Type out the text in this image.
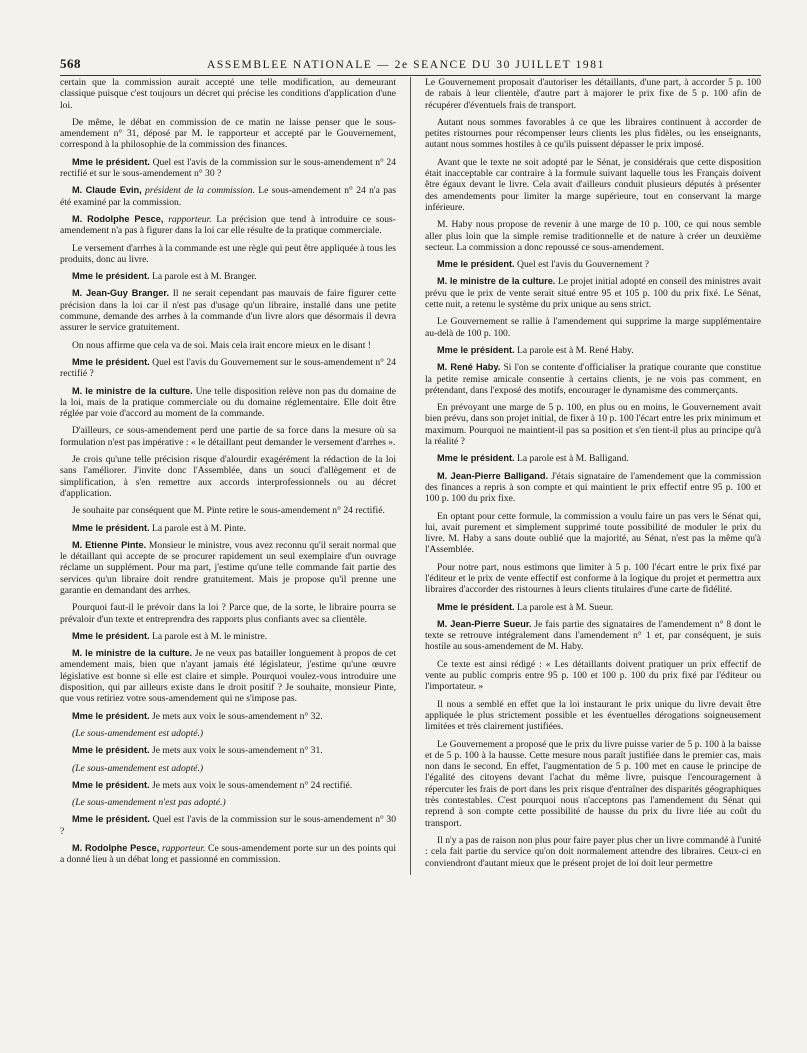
568	ASSEMBLEE NATIONALE — 2e SEANCE DU 30 JUILLET 1981

certain que la commission aurait accepté une telle modification, au demeurant classique puisque c'est toujours un décret qui précise les conditions d'application d'une loi.

De même, le débat en commission de ce matin ne laisse penser que le sous-amendement n° 31, déposé par M. le rapporteur et accepté par le Gouvernement, correspond à la philosophie de la commission des finances.

Mme le président. Quel est l'avis de la commission sur le sous-amendement n° 24 rectifié et sur le sous-amendement n° 30 ?

M. Claude Evin, président de la commission. Le sous-amendement n° 24 n'a pas été examiné par la commission.

M. Rodolphe Pesce, rapporteur. La précision que tend à introduire ce sous-amendement n'a pas à figurer dans la loi car elle résulte de la pratique commerciale.

Le versement d'arrhes à la commande est une règle qui peut être appliquée à tous les produits, donc au livre.

Mme le président. La parole est à M. Branger.

M. Jean-Guy Branger. Il ne serait cependant pas mauvais de faire figurer cette précision dans la loi car il n'est pas d'usage qu'un libraire, installé dans une petite commune, demande des arrhes à la commande d'un livre alors que désormais il devra assurer le service gratuitement.

On nous affirme que cela va de soi. Mais cela irait encore mieux en le disant !

Mme le président. Quel est l'avis du Gouvernement sur le sous-amendement n° 24 rectifié ?

M. le ministre de la culture. Une telle disposition relève non pas du domaine de la loi, mais de la pratique commerciale ou du domaine réglementaire. Elle doit être réglée par voie d'accord au moment de la commande.

D'ailleurs, ce sous-amendement perd une partie de sa force dans la mesure où sa formulation n'est pas impérative : « le détaillant peut demander le versement d'arrhes ».

Je crois qu'une telle précision risque d'alourdir exagérément la rédaction de la loi sans l'améliorer. J'invite donc l'Assemblée, dans un souci d'allègement et de simplification, à s'en remettre aux accords interprofessionnels ou au décret d'application.

Je souhaite par conséquent que M. Pinte retire le sous-amendement n° 24 rectifié.

Mme le président. La parole est à M. Pinte.

M. Etienne Pinte. Monsieur le ministre, vous avez reconnu qu'il serait normal que le détaillant qui accepte de se procurer rapidement un seul exemplaire d'un ouvrage réclame un supplément. Pour ma part, j'estime qu'une telle commande fait partie des services qu'un libraire doit rendre gratuitement. Mais je propose qu'il prenne une garantie en demandant des arrhes.

Pourquoi faut-il le prévoir dans la loi ? Parce que, de la sorte, le libraire pourra se prévaloir d'un texte et entreprendra des rapports plus confiants avec sa clientèle.

Mme le président. La parole est à M. le ministre.

M. le ministre de la culture. Je ne veux pas batailler longuement à propos de cet amendement mais, bien que n'ayant jamais été législateur, j'estime qu'une œuvre législative est bonne si elle est claire et simple. Pourquoi voulez-vous introduire une disposition, qui par ailleurs existe dans le droit positif ? Je souhaite, monsieur Pinte, que vous retiriez votre sous-amendement qui ne s'impose pas.

Mme le président. Je mets aux voix le sous-amendement n° 32.

(Le sous-amendement est adopté.)

Mme le président. Je mets aux voix le sous-amendement n° 31.

(Le sous-amendement est adopté.)

Mme le président. Je mets aux voix le sous-amendement n° 24 rectifié.

(Le sous-amendement n'est pas adopté.)

Mme le président. Quel est l'avis de la commission sur le sous-amendement n° 30 ?

M. Rodolphe Pesce, rapporteur. Ce sous-amendement porte sur un des points qui a donné lieu à un débat long et passionné en commission.

Le Gouvernement proposait d'autoriser les détaillants, d'une part, à accorder 5 p. 100 de rabais à leur clientèle, d'autre part à majorer le prix fixe de 5 p. 100 afin de récupérer d'éventuels frais de transport.

Autant nous sommes favorables à ce que les libraires continuent à accorder de petites ristournes pour récompenser leurs clients les plus fidèles, ou les enseignants, autant nous sommes hostiles à ce qu'ils puissent dépasser le prix imposé.

Avant que le texte ne soit adopté par le Sénat, je considérais que cette disposition était inacceptable car contraire à la formule suivant laquelle tous les Français doivent être égaux devant le livre. Cela avait d'ailleurs conduit plusieurs députés à présenter des amendements pour limiter la marge supérieure, tout en conservant la marge inférieure.

M. Haby nous propose de revenir à une marge de 10 p. 100, ce qui nous semble aller plus loin que la simple remise traditionnelle et de nature à créer un deuxième secteur. La commission a donc repoussé ce sous-amendement.

Mme le président. Quel est l'avis du Gouvernement ?

M. le ministre de la culture. Le projet initial adopté en conseil des ministres avait prévu que le prix de vente serait situé entre 95 et 105 p. 100 du prix fixé. Le Sénat, cette nuit, a retenu le système du prix unique au sens strict.

Le Gouvernement se rallie à l'amendement qui supprime la marge supplémentaire au-delà de 100 p. 100.

Mme le président. La parole est à M. René Haby.

M. René Haby. Si l'on se contente d'officialiser la pratique courante que constitue la petite remise amicale consentie à certains clients, je ne vois pas comment, en prétendant, dans l'exposé des motifs, encourager le dynamisme des commerçants.

En prévoyant une marge de 5 p. 100, en plus ou en moins, le Gouvernement avait bien prévu, dans son projet initial, de fixer à 10 p. 100 l'écart entre les prix minimum et maximum. Pourquoi ne maintient-il pas sa position et s'en tient-il plus au principe qu'à la réalité ?

Mme le président. La parole est à M. Balligand.

M. Jean-Pierre Balligand. J'étais signataire de l'amendement que la commission des finances a repris à son compte et qui maintient le prix effectif entre 95 p. 100 et 100 p. 100 du prix fixe.

En optant pour cette formule, la commission a voulu faire un pas vers le Sénat qui, lui, avait purement et simplement supprimé toute possibilité de moduler le prix du livre. M. Haby a sans doute oublié que la majorité, au Sénat, n'est pas la même qu'à l'Assemblée.

Pour notre part, nous estimons que limiter à 5 p. 100 l'écart entre le prix fixé par l'éditeur et le prix de vente effectif est conforme à la logique du projet et permettra aux libraires d'accorder des ristournes à leurs clients titulaires d'une carte de fidélité.

Mme le président. La parole est à M. Sueur.

M. Jean-Pierre Sueur. Je fais partie des signataires de l'amendement n° 8 dont le texte se retrouve intégralement dans l'amendement n° 1 et, par conséquent, je suis hostile au sous-amendement de M. Haby.

Ce texte est ainsi rédigé : « Les détaillants doivent pratiquer un prix effectif de vente au public compris entre 95 p. 100 et 100 p. 100 du prix fixé par l'éditeur ou l'importateur. »

Il nous a semblé en effet que la loi instaurant le prix unique du livre devait être appliquée le plus strictement possible et les éventuelles dérogations soigneusement limitées et très clairement justifiées.

Le Gouvernement a proposé que le prix du livre puisse varier de 5 p. 100 à la baisse et de 5 p. 100 à la hausse. Cette mesure nous paraît justifiée dans le premier cas, mais non dans le second. En effet, l'augmentation de 5 p. 100 met en cause le principe de l'égalité des citoyens devant l'achat du même livre, puisque l'encouragement à répercuter les frais de port dans les prix risque d'entraîner des disparités géographiques très contestables. C'est pourquoi nous n'acceptons pas l'amendement du Sénat qui reprend à son compte cette possibilité de hausse du prix du livre liée au coût du transport.

Il n'y a pas de raison non plus pour faire payer plus cher un livre commandé à l'unité : cela fait partie du service qu'on doit normalement attendre des libraires. Ceux-ci en conviendront d'autant mieux que le présent projet de loi doit leur permettre
